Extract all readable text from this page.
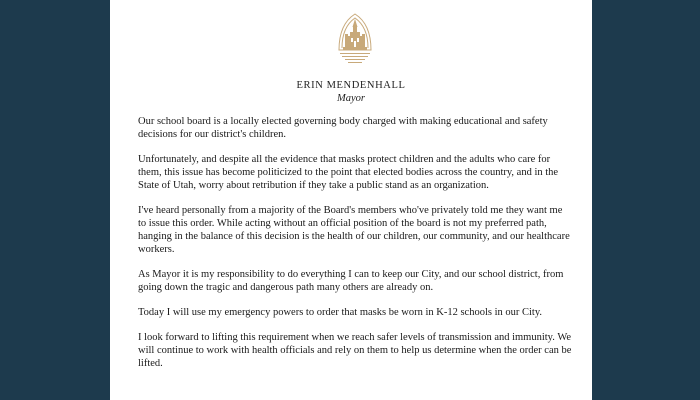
ERIN MENDENHALL
Mayor

Our school board is a locally elected governing body charged with making educational and safety decisions for our district's children.

Unfortunately, and despite all the evidence that masks protect children and the adults who care for them, this issue has become politicized to the point that elected bodies across the country, and in the State of Utah, worry about retribution if they take a public stand as an organization.

I've heard personally from a majority of the Board's members who've privately told me they want me to issue this order. While acting without an official position of the board is not my preferred path, hanging in the balance of this decision is the health of our children, our community, and our healthcare workers.

As Mayor it is my responsibility to do everything I can to keep our City, and our school district, from going down the tragic and dangerous path many others are already on.

Today I will use my emergency powers to order that masks be worn in K-12 schools in our City.

I look forward to lifting this requirement when we reach safer levels of transmission and immunity. We will continue to work with health officials and rely on them to help us determine when the order can be lifted.
